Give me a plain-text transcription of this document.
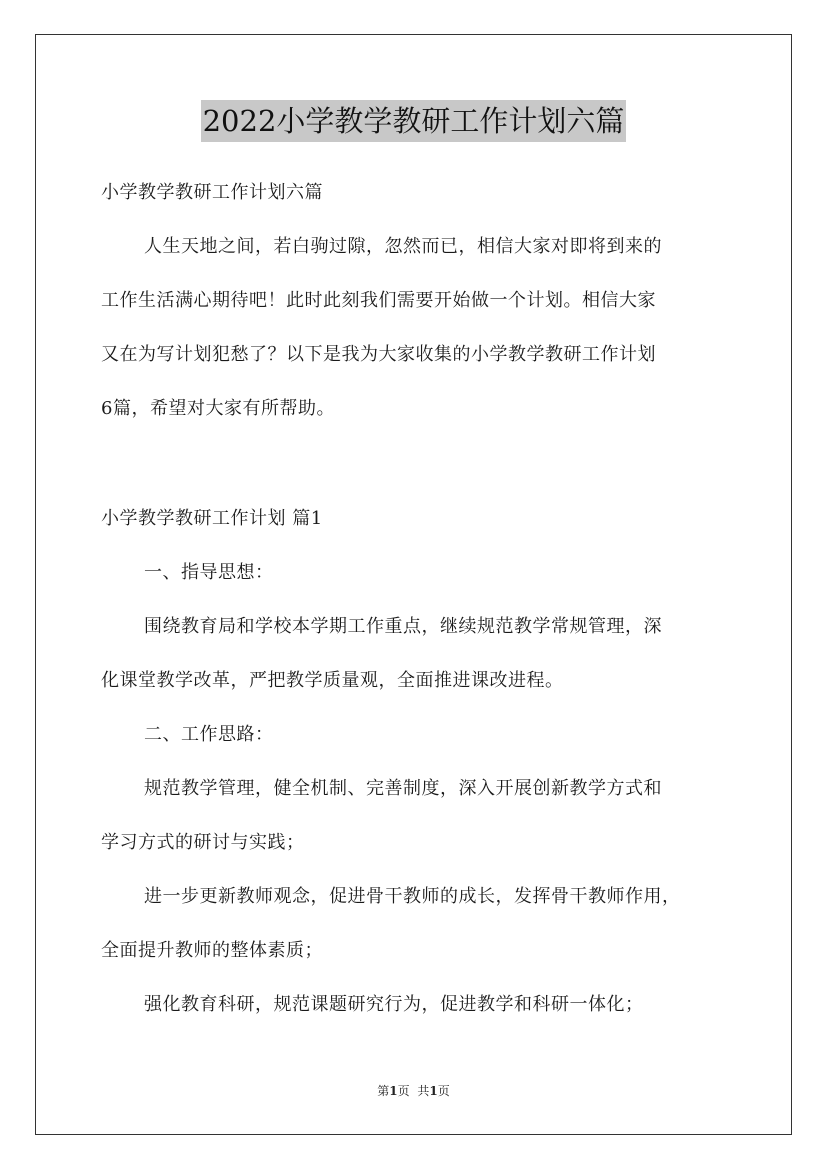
2022小学教学教研工作计划六篇
小学教学教研工作计划六篇
人生天地之间，若白驹过隙，忽然而已，相信大家对即将到来的
工作生活满心期待吧！此时此刻我们需要开始做一个计划。相信大家
又在为写计划犯愁了？以下是我为大家收集的小学教学教研工作计划
6篇，希望对大家有所帮助。
小学教学教研工作计划 篇1
一、指导思想：
围绕教育局和学校本学期工作重点，继续规范教学常规管理，深
化课堂教学改革，严把教学质量观，全面推进课改进程。
二、工作思路：
规范教学管理，健全机制、完善制度，深入开展创新教学方式和
学习方式的研讨与实践；
进一步更新教师观念，促进骨干教师的成长，发挥骨干教师作用，
全面提升教师的整体素质；
强化教育科研，规范课题研究行为，促进教学和科研一体化；
第1页 共1页
